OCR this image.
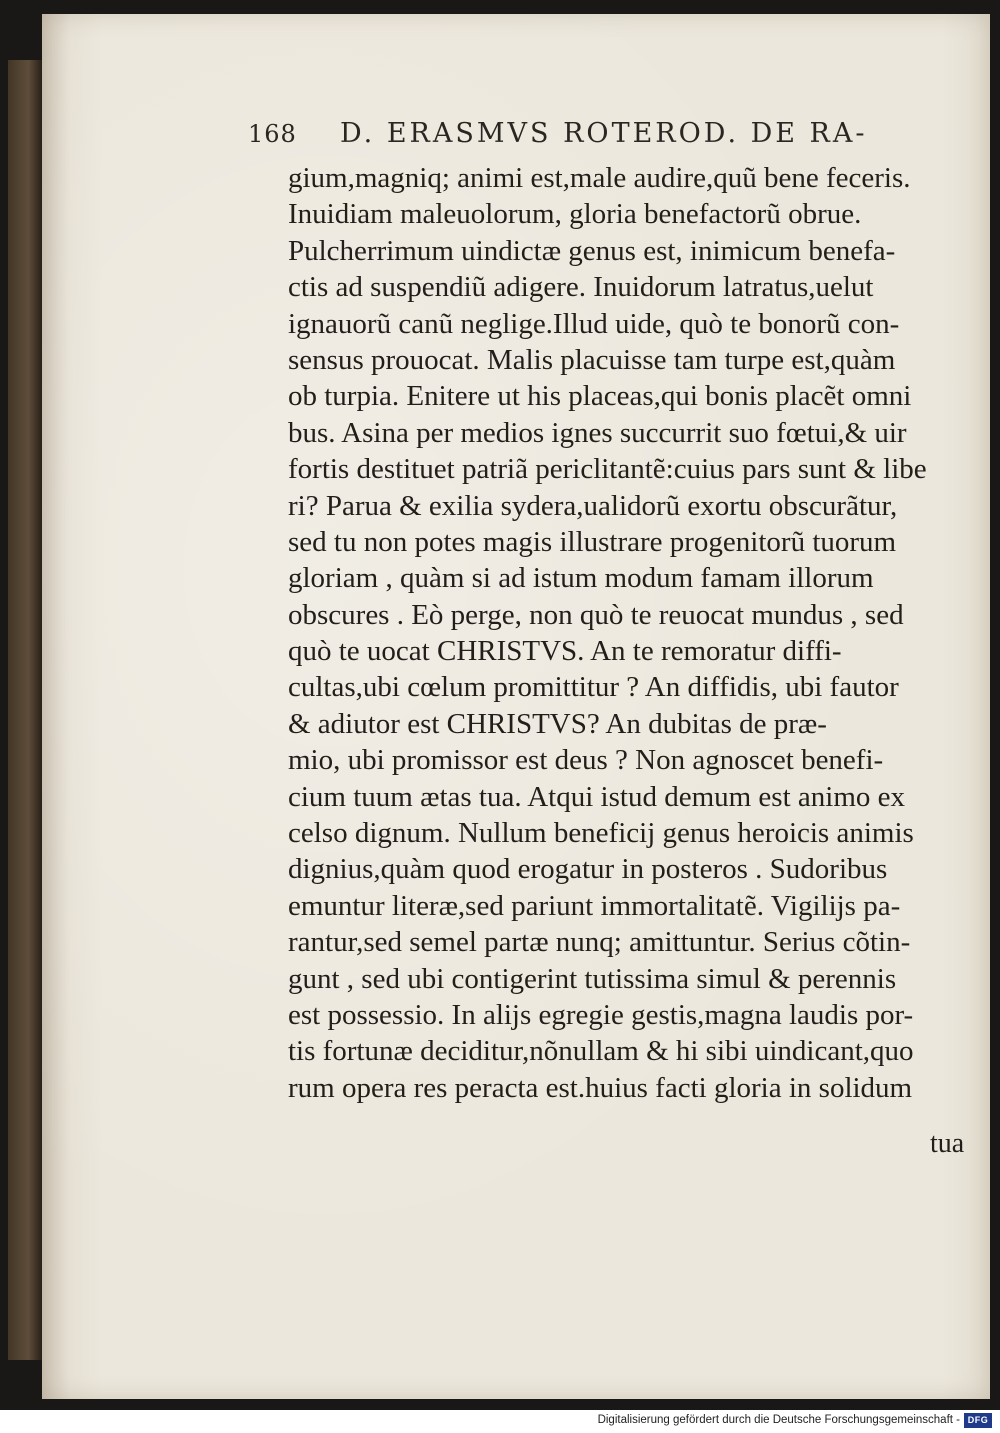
168 D. ERASMVS ROTEROD. DE RA-
gium,magniq; animi est,male audire,quũ bene feceris.
Inuidiam maleuolorum, gloria benefactorũ obrue.
Pulcherrimum uindictæ genus est, inimicum benefa-
ctis ad suspendiũ adigere. Inuidorum latratus,uelut
ignauorũ canũ neglige.Illud uide, quò te bonorũ con-
sensus prouocat. Malis placuisse tam turpe est,quàm
ob turpia. Enitere ut his placeas,qui bonis placẽt omni
bus. Asina per medios ignes succurrit suo fœtui,& uir
fortis destituet patriã periclitantẽ:cuius pars sunt & libe
ri? Parua & exilia sydera,ualidorũ exortu obscurãtur,
sed tu non potes magis illustrare progenitorũ tuorum
gloriam , quàm si ad istum modum famam illorum
obscures . Eò perge, non quò te reuocat mundus , sed
quò te uocat CHRISTVS. An te remoratur diffi-
cultas,ubi cœlum promittitur ? An diffidis, ubi fautor
& adiutor est CHRISTVS? An dubitas de præ-
mio, ubi promissor est deus ? Non agnoscet benefi-
cium tuum ætas tua. Atqui istud demum est animo ex
celso dignum. Nullum beneficij genus heroicis animis
dignius,quàm quod erogatur in posteros . Sudoribus
emuntur literæ,sed pariunt immortalitatẽ. Vigilijs pa-
rantur,sed semel partæ nunq; amittuntur. Serius cõtin-
gunt , sed ubi contigerint tutissima simul & perennis
est possessio. In alijs egregie gestis,magna laudis por-
tis fortunæ deciditur,nõnullam & hi sibi uindicant,quo
rum opera res peracta est.huius facti gloria in solidum
tua
Digitalisierung gefördert durch die Deutsche Forschungsgemeinschaft - DFG
